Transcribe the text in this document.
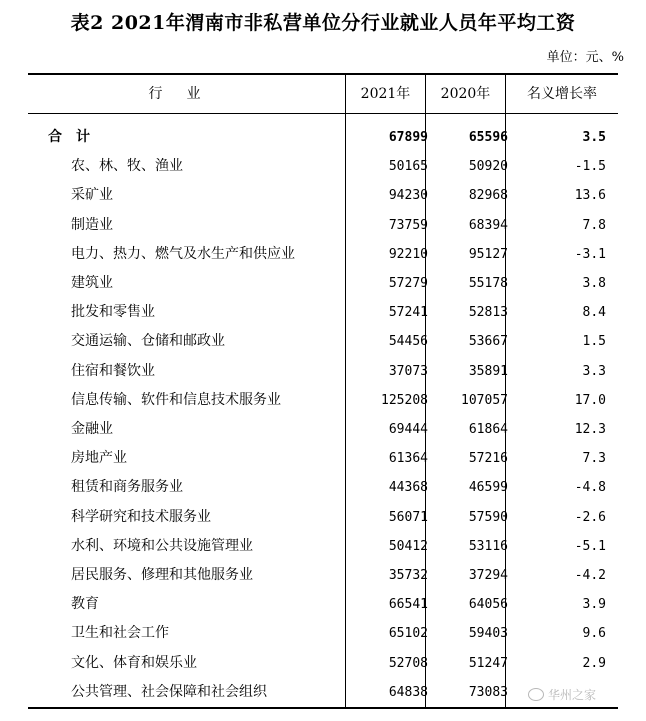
表2 2021年渭南市非私营单位分行业就业人员年平均工资
单位：元、%
行业	2021年	2020年	名义增长率
合计	67899	65596	3.5
农、林、牧、渔业	50165	50920	-1.5
采矿业	94230	82968	13.6
制造业	73759	68394	7.8
电力、热力、燃气及水生产和供应业	92210	95127	-3.1
建筑业	57279	55178	3.8
批发和零售业	57241	52813	8.4
交通运输、仓储和邮政业	54456	53667	1.5
住宿和餐饮业	37073	35891	3.3
信息传输、软件和信息技术服务业	125208	107057	17.0
金融业	69444	61864	12.3
房地产业	61364	57216	7.3
租赁和商务服务业	44368	46599	-4.8
科学研究和技术服务业	56071	57590	-2.6
水利、环境和公共设施管理业	50412	53116	-5.1
居民服务、修理和其他服务业	35732	37294	-4.2
教育	66541	64056	3.9
卫生和社会工作	65102	59403	9.6
文化、体育和娱乐业	52708	51247	2.9
公共管理、社会保障和社会组织	64838	73083	华州之家
